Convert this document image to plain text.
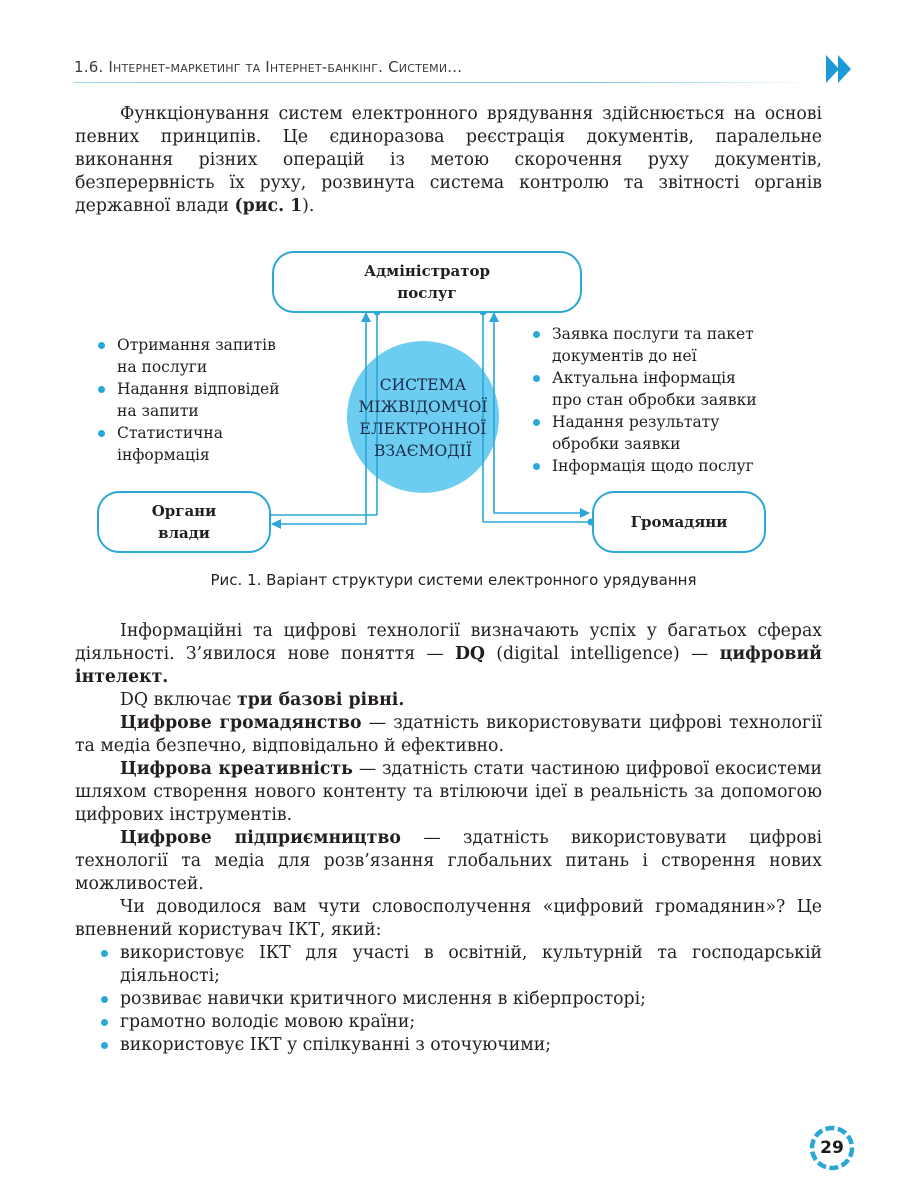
1.6. Інтернет-маркетинг та Інтернет-банкінг. Системи...

Функціонування систем електронного врядування здійснюється на основі певних принципів. Це єдиноразова реєстрація документів, паралельне виконання різних операцій із метою скорочення руху документів, безперервність їх руху, розвинута система контролю та звітності органів державної влади (рис. 1).

Адміністратор
послуг
Органи
влади
Громадяни
СИСТЕМА
МІЖВІДОМЧОЇ
ЕЛЕКТРОННОЇ
ВЗАЄМОДІЇ
Отримання запитів
на послуги
Надання відповідей
на запити
Статистична
інформація
Заявка послуги та пакет
документів до неї
Актуальна інформація
про стан обробки заявки
Надання результату
обробки заявки
Інформація щодо послуг
Рис. 1. Варіант структури системи електронного урядування

Інформаційні та цифрові технології визначають успіх у багатьох сферах діяльності. З’явилося нове поняття — DQ (digital intelligence) — цифровий інтелект.

DQ включає три базові рівні.

Цифрове громадянство — здатність використовувати цифрові технології та медіа безпечно, відповідально й ефективно.

Цифрова креативність — здатність стати частиною цифрової екосистеми шляхом створення нового контенту та втілюючи ідеї в реальність за допомогою цифрових інструментів.

Цифрове підприємництво — здатність використовувати цифрові технології та медіа для розв’язання глобальних питань і створення нових можливостей.

Чи доводилося вам чути словосполучення «цифровий громадянин»? Це впевнений користувач ІКТ, який:

використовує ІКТ для участі в освітній, культурній та господарській діяльності;
розвиває навички критичного мислення в кіберпросторі;
грамотно володіє мовою країни;
використовує ІКТ у спілкуванні з оточуючими;
29
